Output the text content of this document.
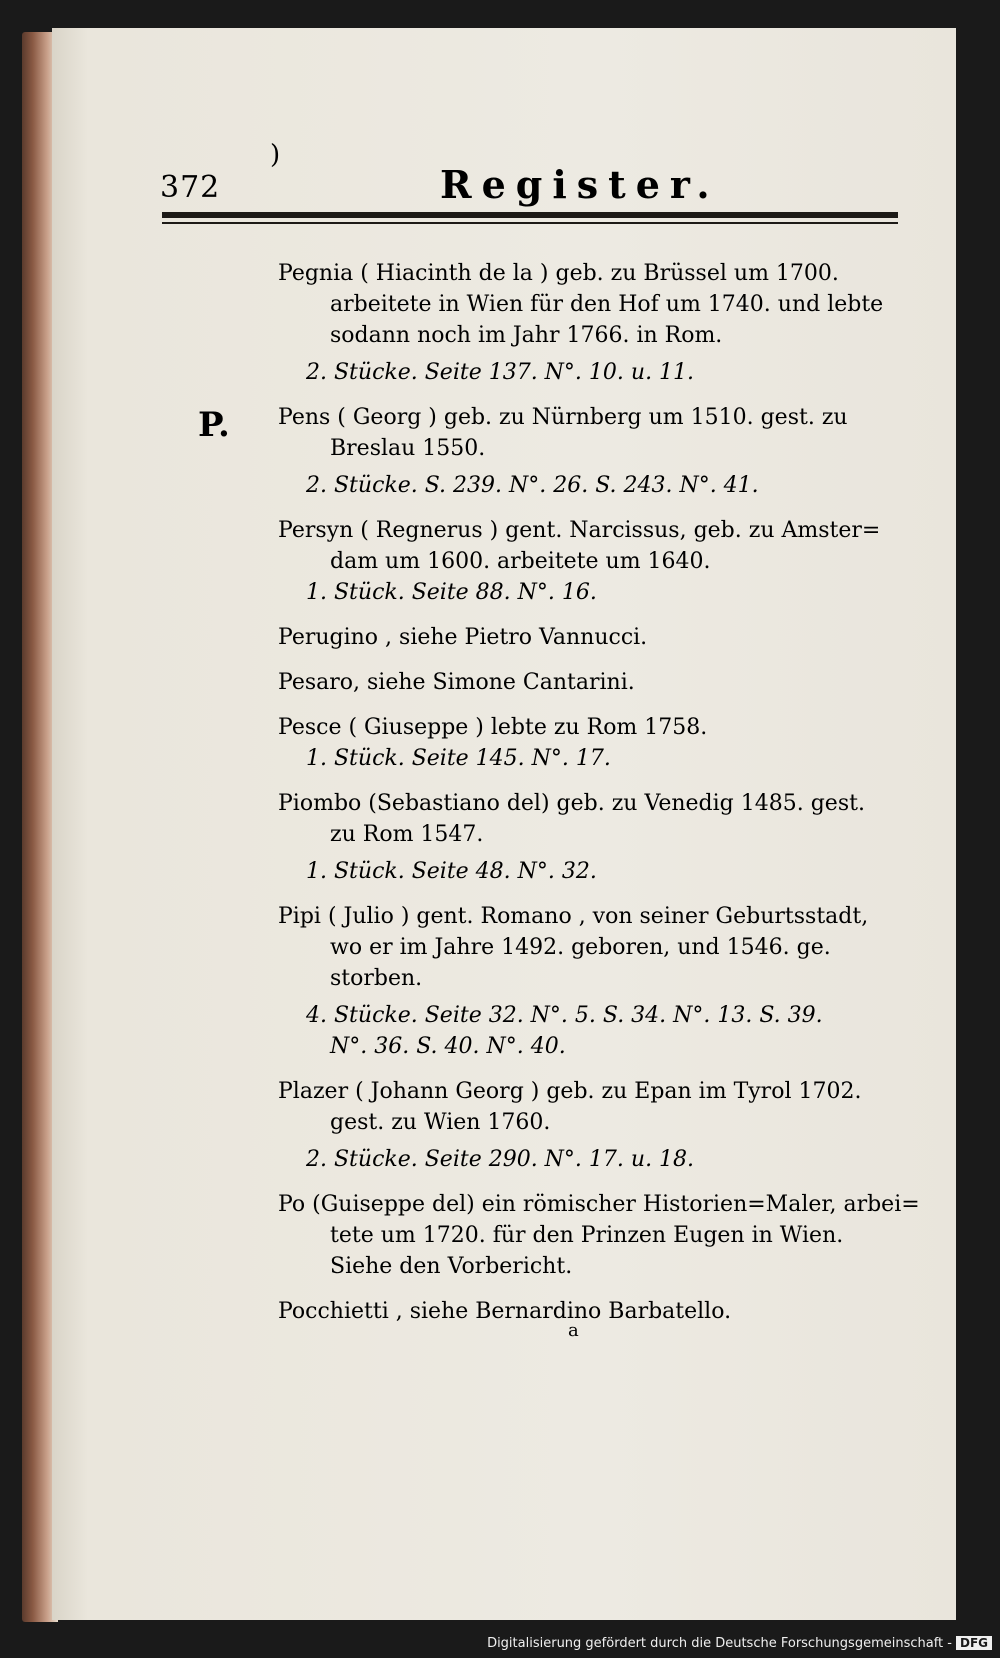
372	Register.
)
P.
Pegnia ( Hiacinth de la ) geb. zu Brüssel um 1700.
arbeitete in Wien für den Hof um 1740. und lebte
sodann noch im Jahr 1766. in Rom.
2. Stücke. Seite 137. N°. 10. u. 11.
Pens ( Georg ) geb. zu Nürnberg um 1510. gest. zu
Breslau 1550.
2. Stücke. S. 239. N°. 26. S. 243. N°. 41.
Persyn ( Regnerus ) gent. Narcissus, geb. zu Amster=
dam um 1600. arbeitete um 1640.
1. Stück. Seite 88. N°. 16.
Perugino , siehe Pietro Vannucci.
Pesaro, siehe Simone Cantarini.
Pesce ( Giuseppe ) lebte zu Rom 1758.
1. Stück. Seite 145. N°. 17.
Piombo (Sebastiano del) geb. zu Venedig 1485. gest.
zu Rom 1547.
1. Stück. Seite 48. N°. 32.
Pipi ( Julio ) gent. Romano , von seiner Geburtsstadt,
wo er im Jahre 1492. geboren, und 1546. ge.
storben.
4. Stücke. Seite 32. N°. 5. S. 34. N°. 13. S. 39.
N°. 36. S. 40. N°. 40.
Plazer ( Johann Georg ) geb. zu Epan im Tyrol 1702.
gest. zu Wien 1760.
2. Stücke. Seite 290. N°. 17. u. 18.
Po (Guiseppe del) ein römischer Historien=Maler, arbei=
tete um 1720. für den Prinzen Eugen in Wien.
Siehe den Vorbericht.
Pocchietti , siehe Bernardino Barbatello.
a
Digitalisierung gefördert durch die Deutsche Forschungsgemeinschaft - DFG
